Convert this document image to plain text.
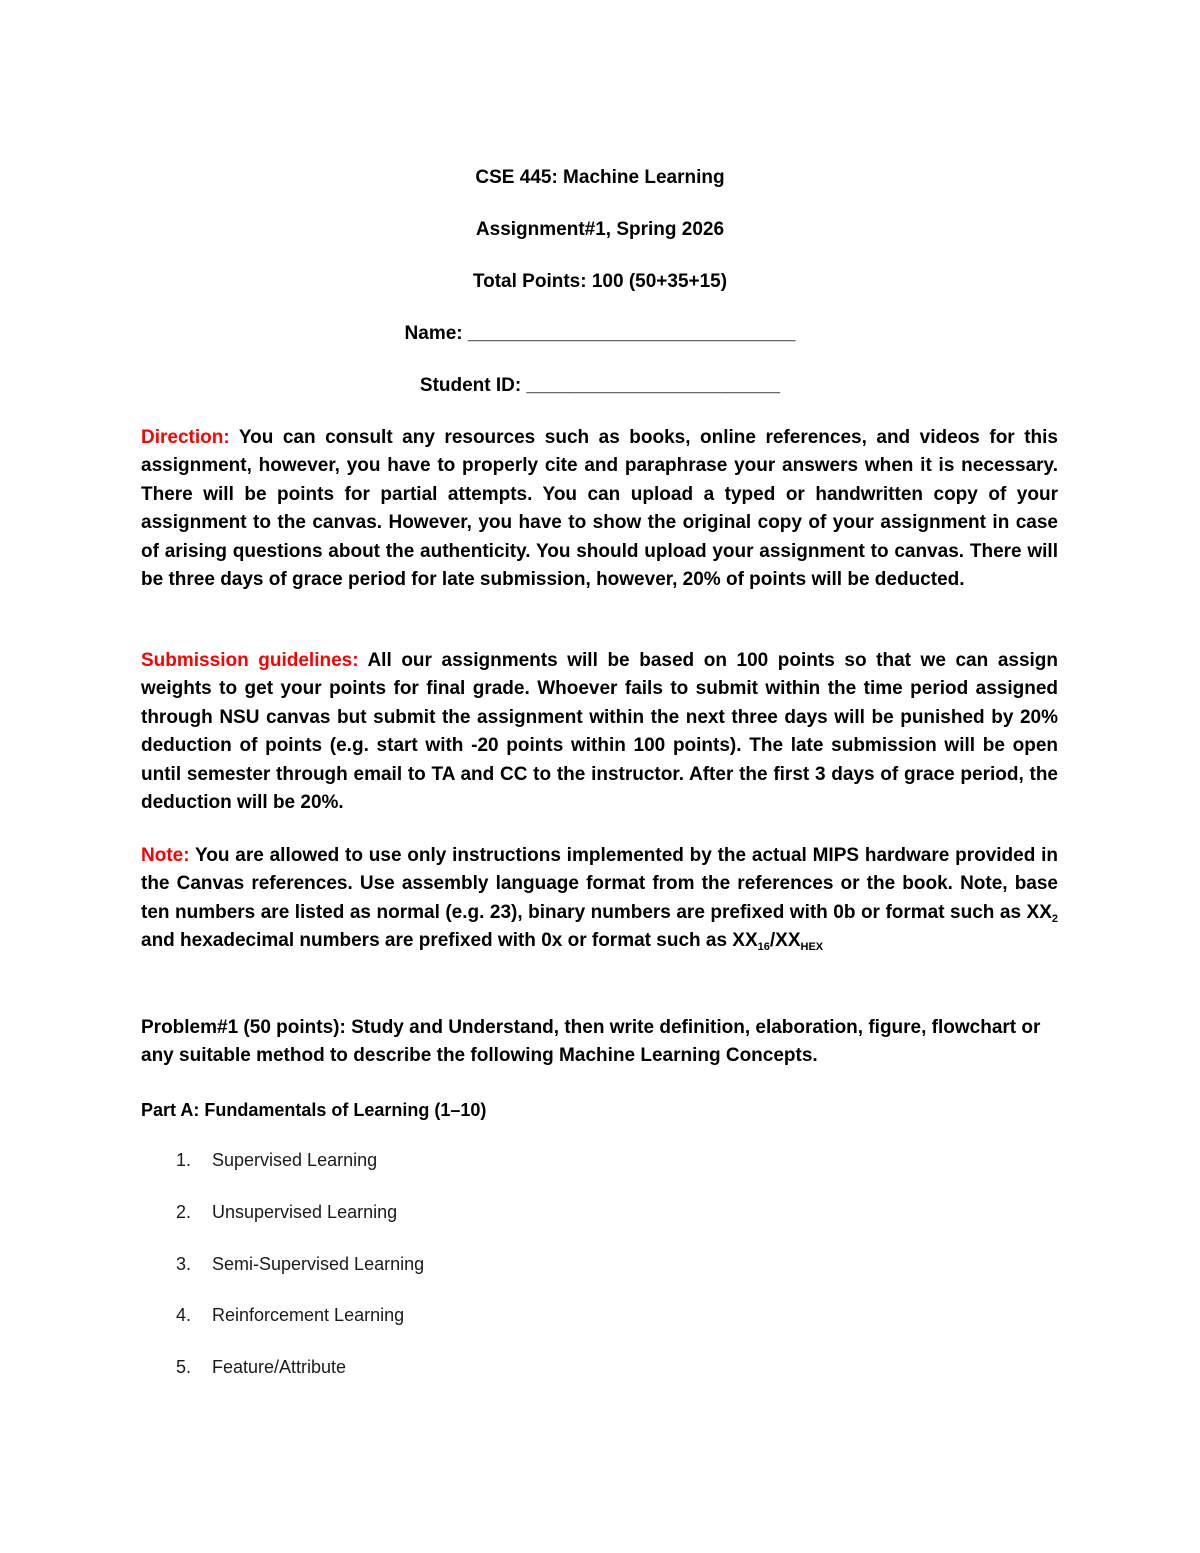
CSE 445: Machine Learning
Assignment#1, Spring 2026
Total Points: 100 (50+35+15)
Name: _______________________________
Student ID: ________________________

Direction: You can consult any resources such as books, online references, and videos for this assignment, however, you have to properly cite and paraphrase your answers when it is necessary. There will be points for partial attempts. You can upload a typed or handwritten copy of your assignment to the canvas. However, you have to show the original copy of your assignment in case of arising questions about the authenticity. You should upload your assignment to canvas. There will be three days of grace period for late submission, however, 20% of points will be deducted.

Submission guidelines: All our assignments will be based on 100 points so that we can assign weights to get your points for final grade. Whoever fails to submit within the time period assigned through NSU canvas but submit the assignment within the next three days will be punished by 20% deduction of points (e.g. start with -20 points within 100 points). The late submission will be open until semester through email to TA and CC to the instructor. After the first 3 days of grace period, the deduction will be 20%.

Note: You are allowed to use only instructions implemented by the actual MIPS hardware provided in the Canvas references. Use assembly language format from the references or the book. Note, base ten numbers are listed as normal (e.g. 23), binary numbers are prefixed with 0b or format such as $XX_2$ and hexadecimal numbers are prefixed with 0x or format such as $XX_{16}/XX_{HEX}$

Problem#1 (50 points): Study and Understand, then write definition, elaboration, figure, flowchart or any suitable method to describe the following Machine Learning Concepts.

Part A: Fundamentals of Learning (1–10)

1. Supervised Learning
2. Unsupervised Learning
3. Semi-Supervised Learning
4. Reinforcement Learning
5. Feature/Attribute
